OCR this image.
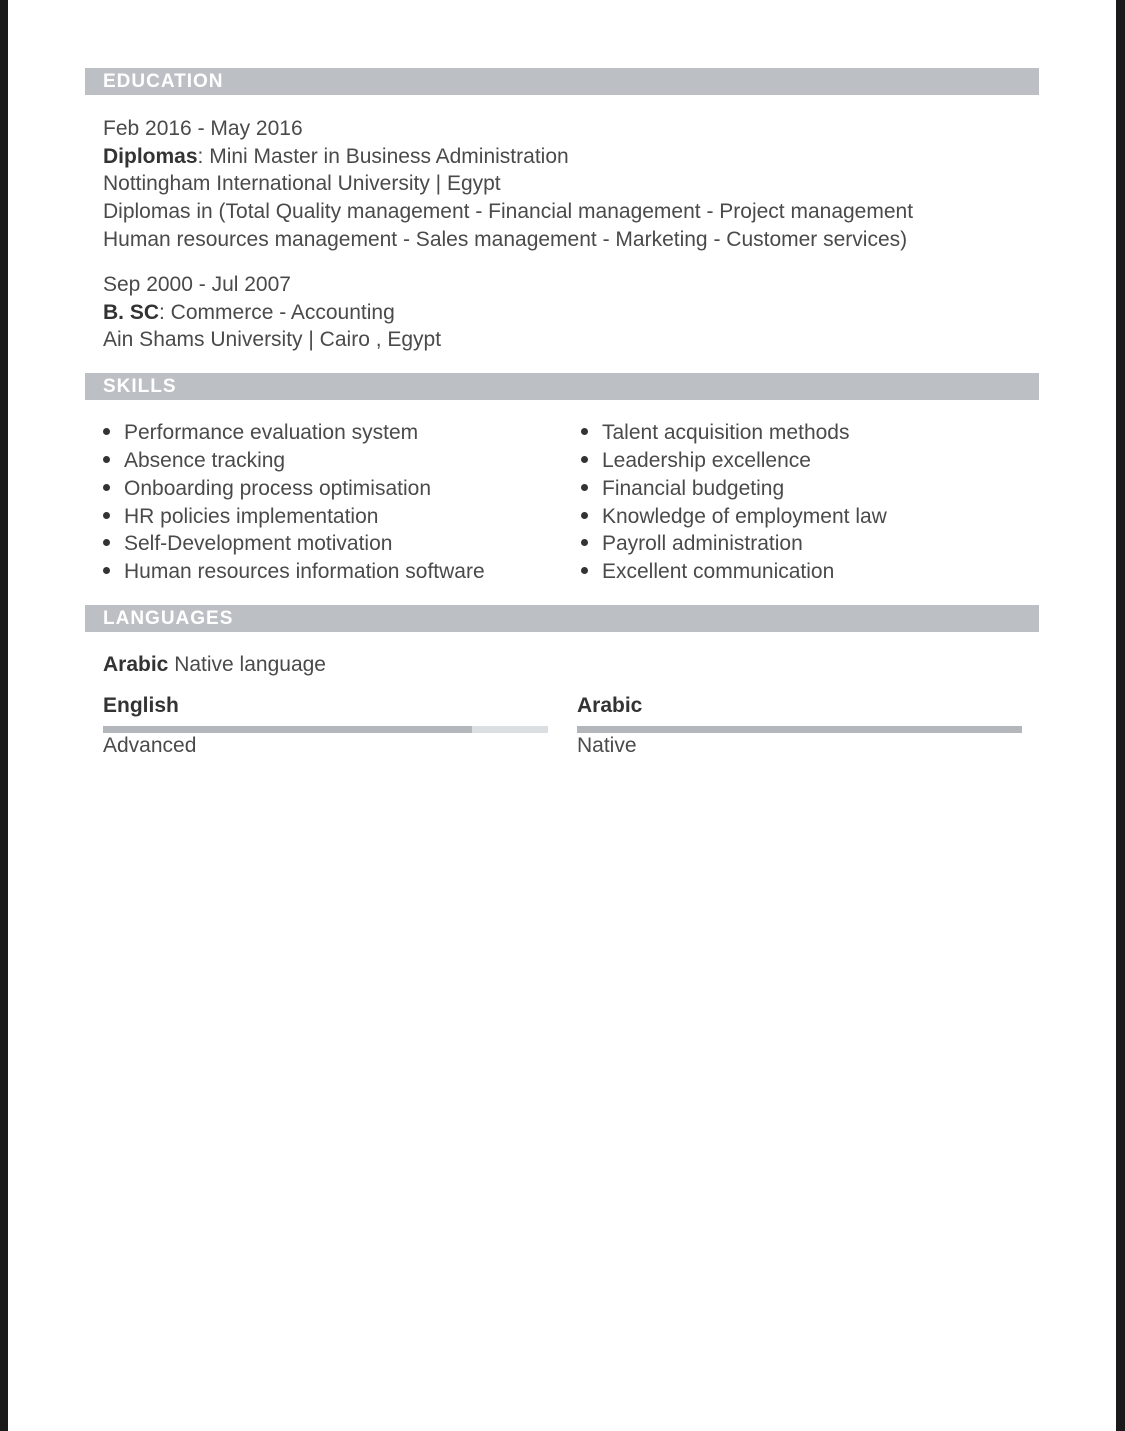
EDUCATION
Feb 2016 - May 2016
Diplomas: Mini Master in Business Administration
Nottingham International University | Egypt
Diplomas in (Total Quality management - Financial management - Project management
Human resources management - Sales management - Marketing - Customer services)
Sep 2000 - Jul 2007
B. SC: Commerce - Accounting
Ain Shams University | Cairo , Egypt
SKILLS
Performance evaluation system
Absence tracking
Onboarding process optimisation
HR policies implementation
Self-Development motivation
Human resources information software
Talent acquisition methods
Leadership excellence
Financial budgeting
Knowledge of employment law
Payroll administration
Excellent communication
LANGUAGES
Arabic Native language
English
Advanced
Arabic
Native
